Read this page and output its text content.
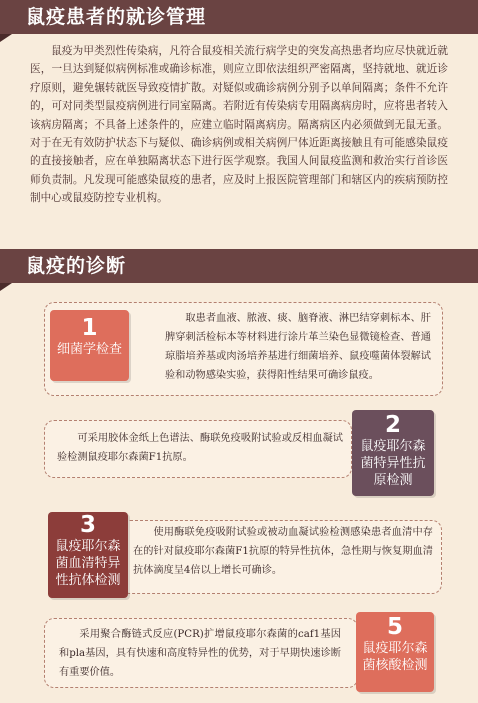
鼠疫患者的就诊管理
鼠疫为甲类烈性传染病，凡符合鼠疫相关流行病学史的突发高热患者均应尽快就近就医，一旦达到疑似病例标准或确诊标准，则应立即依法组织严密隔离，坚持就地、就近诊疗原则，避免辗转就医导致疫情扩散。对疑似或确诊病例分别予以单间隔离；条件不允许的，可对同类型鼠疫病例进行同室隔离。若附近有传染病专用隔离病房时，应将患者转入该病房隔离；不具备上述条件的，应建立临时隔离病房。隔离病区内必须做到无鼠无蚤。对于在无有效防护状态下与疑似、确诊病例或相关病例尸体近距离接触且有可能感染鼠疫的直接接触者，应在单独隔离状态下进行医学观察。我国人间鼠疫监测和救治实行首诊医师负责制。凡发现可能感染鼠疫的患者，应及时上报医院管理部门和辖区内的疾病预防控制中心或鼠疫防控专业机构。
鼠疫的诊断
取患者血液、脓液、痰、脑脊液、淋巴结穿刺标本、肝脾穿刺活检标本等材料进行涂片革兰染色显微镜检查、普通琼脂培养基或肉汤培养基进行细菌培养、鼠疫噬菌体裂解试验和动物感染实验，获得阳性结果可确诊鼠疫。
1
细菌学检查
可采用胶体金纸上色谱法、酶联免疫吸附试验或反相血凝试验检测鼠疫耶尔森菌F1抗原。
2
鼠疫耶尔森菌特异性抗原检测
使用酶联免疫吸附试验或被动血凝试验检测感染患者血清中存在的针对鼠疫耶尔森菌F1抗原的特异性抗体，急性期与恢复期血清抗体滴度呈4倍以上增长可确诊。
3
鼠疫耶尔森菌血清特异性抗体检测
采用聚合酶链式反应(PCR)扩增鼠疫耶尔森菌的caf1基因和pla基因，具有快速和高度特异性的优势，对于早期快速诊断有重要价值。
5
鼠疫耶尔森菌核酸检测
